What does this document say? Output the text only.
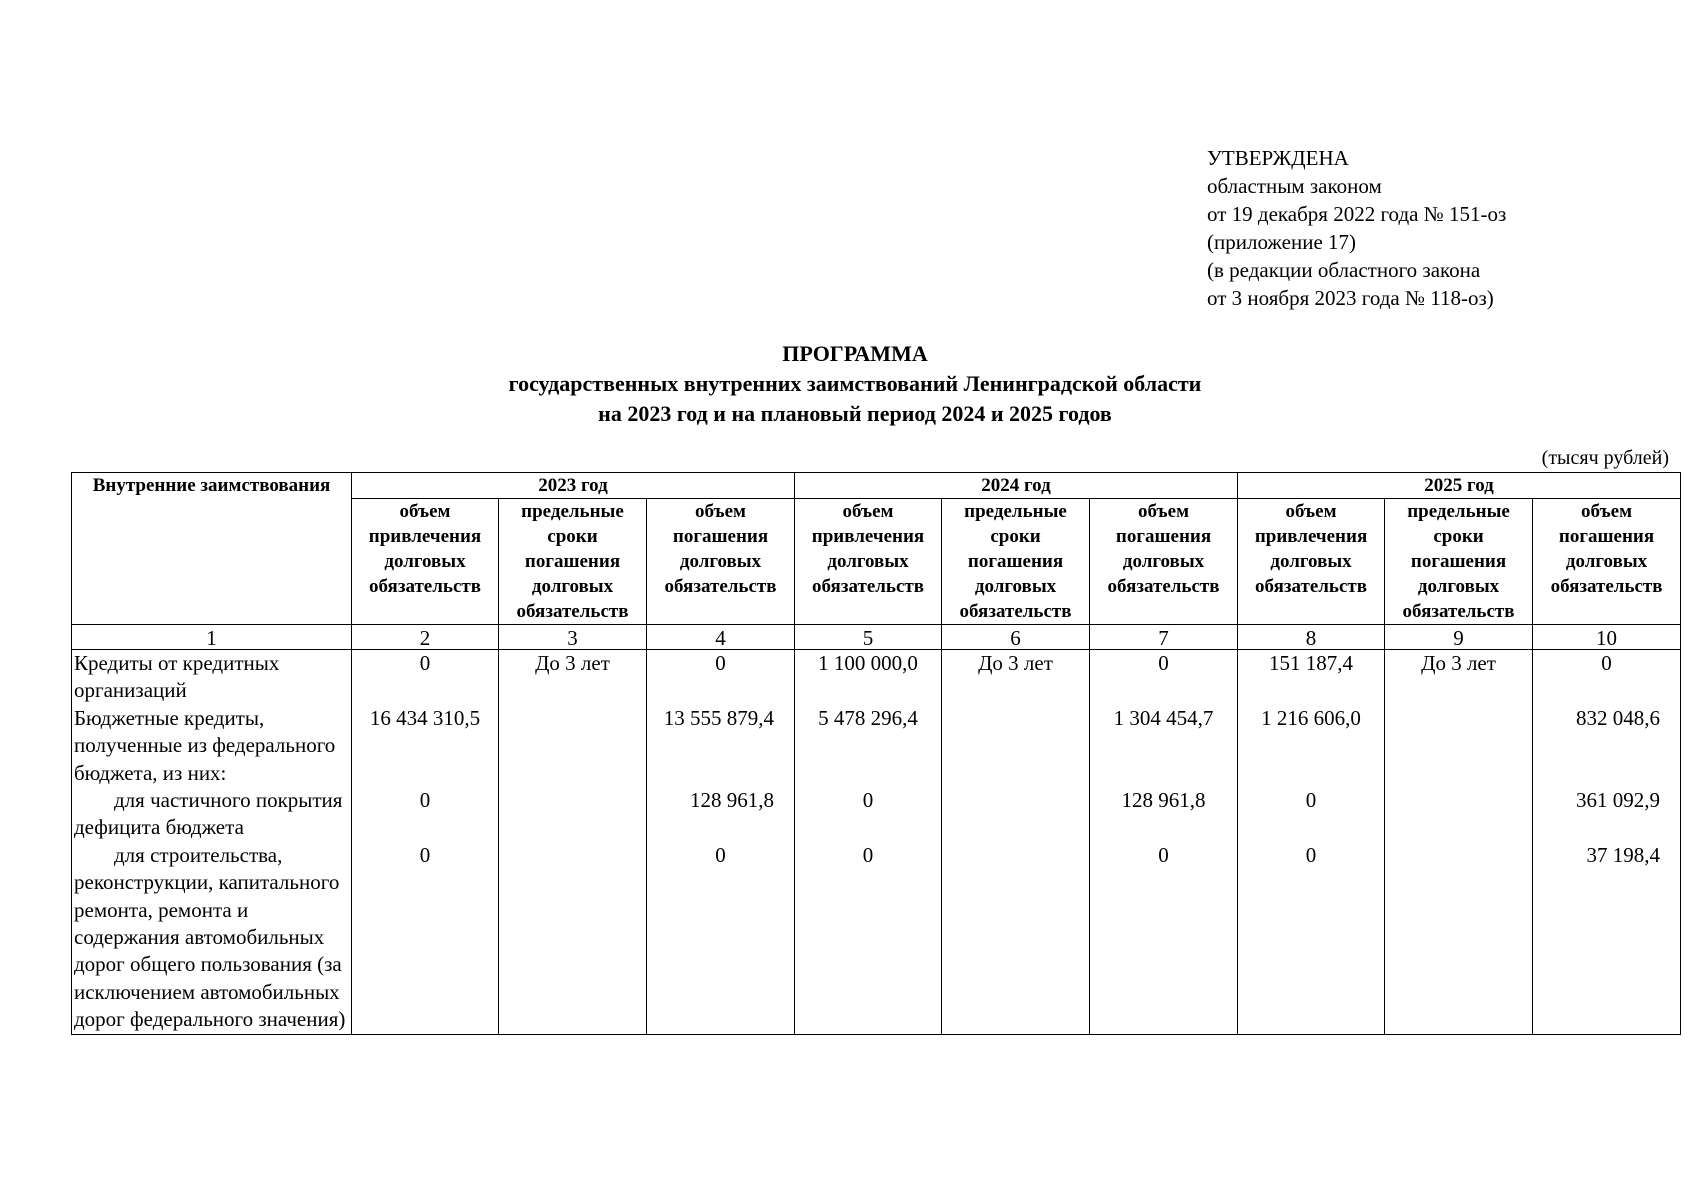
УТВЕРЖДЕНА
областным законом
от 19 декабря 2022 года № 151-оз
(приложение 17)
(в редакции областного закона
от 3 ноября 2023 года № 118-оз)
ПРОГРАММА
государственных внутренних заимствований Ленинградской области
на 2023 год и на плановый период 2024 и 2025 годов
(тысяч рублей)
Внутренние заимствования	2023 год			2024 год			2025 год		
	объем привлечения долговых обязательств	предельные сроки погашения долговых обязательств	объем погашения долговых обязательств	объем привлечения долговых обязательств	предельные сроки погашения долговых обязательств	объем погашения долговых обязательств	объем привлечения долговых обязательств	предельные сроки погашения долговых обязательств	объем погашения долговых обязательств
1	2	3	4	5	6	7	8	9	10
Кредиты от кредитных организаций	0	До 3 лет	0	1 100 000,0	До 3 лет	0	151 187,4	До 3 лет	0
Бюджетные кредиты, полученные из федерального бюджета, из них:	16 434 310,5		13 555 879,4	5 478 296,4		1 304 454,7	1 216 606,0		832 048,6
для частичного покрытия дефицита бюджета	0		128 961,8	0		128 961,8	0		361 092,9
для строительства, реконструкции, капитального ремонта, ремонта и содержания автомобильных дорог общего пользования (за исключением автомобильных дорог федерального значения)	0		0	0		0	0		37 198,4
